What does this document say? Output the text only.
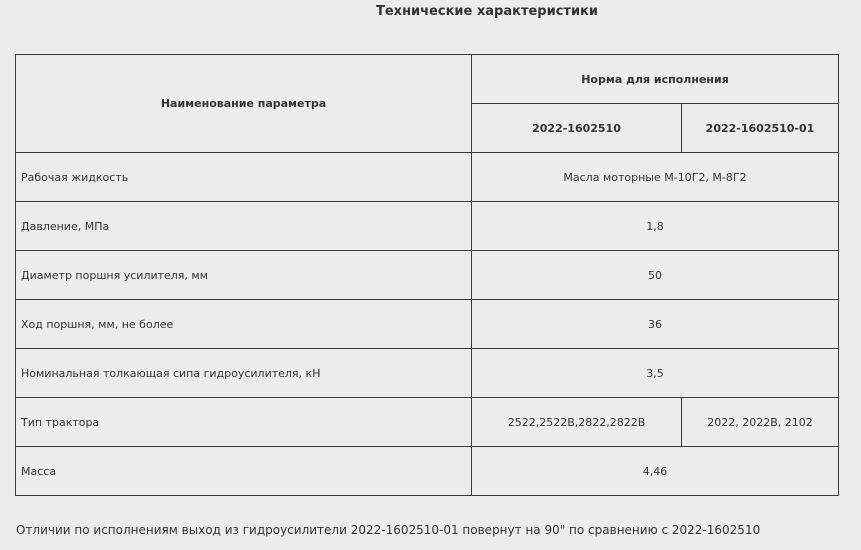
Технические характеристики
Наименование параметра	Норма для исполнения	
	2022-1602510	2022-1602510-01
Рабочая жидкость	Масла моторные М-10Г2, М-8Г2	
Давление, МПа	1,8	
Диаметр поршня усилителя, мм	50	
Ход поршня, мм, не более	36	
Номинальная толкающая сипа гидроусилителя, кН	3,5	
Тип трактора	2522,2522В,2822,2822В	2022, 2022В, 2102
Масса	4,46	
Отличии по исполнениям выход из гидроусилители 2022-1602510-01 повернут на 90" по сравнению с 2022-1602510
